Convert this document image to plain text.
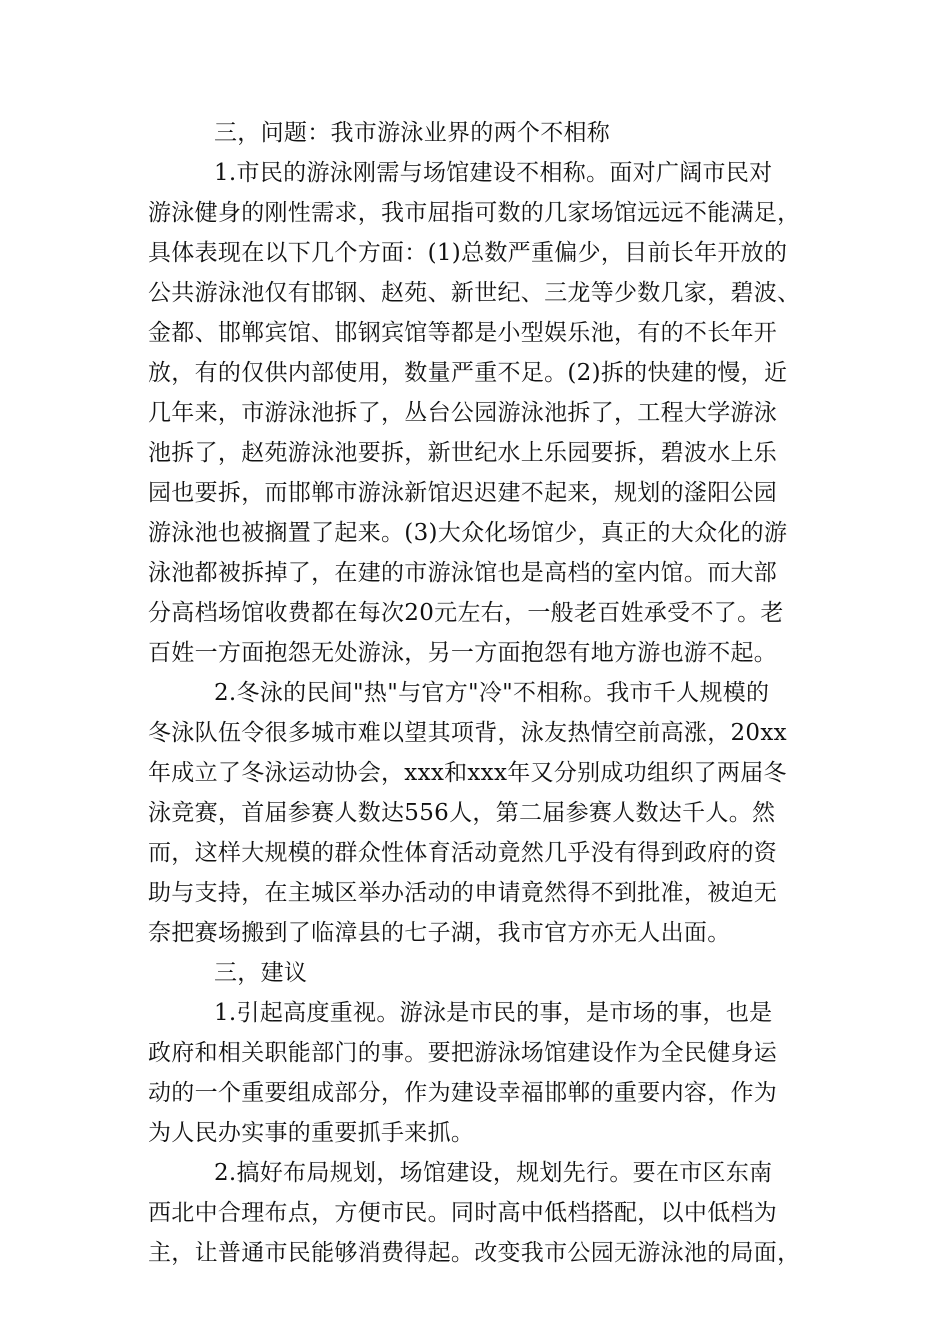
三，问题：我市游泳业界的两个不相称
1.市民的游泳刚需与场馆建设不相称。面对广阔市民对
游泳健身的刚性需求，我市屈指可数的几家场馆远远不能满足，
具体表现在以下几个方面：(1)总数严重偏少，目前长年开放的
公共游泳池仅有邯钢、赵苑、新世纪、三龙等少数几家，碧波、
金都、邯郸宾馆、邯钢宾馆等都是小型娱乐池，有的不长年开
放，有的仅供内部使用，数量严重不足。(2)拆的快建的慢，近
几年来，市游泳池拆了，丛台公园游泳池拆了，工程大学游泳
池拆了，赵苑游泳池要拆，新世纪水上乐园要拆，碧波水上乐
园也要拆，而邯郸市游泳新馆迟迟建不起来，规划的滏阳公园
游泳池也被搁置了起来。(3)大众化场馆少，真正的大众化的游
泳池都被拆掉了，在建的市游泳馆也是高档的室内馆。而大部
分高档场馆收费都在每次20元左右，一般老百姓承受不了。老
百姓一方面抱怨无处游泳，另一方面抱怨有地方游也游不起。
2.冬泳的民间"热"与官方"冷"不相称。我市千人规模的
冬泳队伍令很多城市难以望其项背，泳友热情空前高涨，20xx
年成立了冬泳运动协会，xxx和xxx年又分别成功组织了两届冬
泳竞赛，首届参赛人数达556人，第二届参赛人数达千人。然
而，这样大规模的群众性体育活动竟然几乎没有得到政府的资
助与支持，在主城区举办活动的申请竟然得不到批准，被迫无
奈把赛场搬到了临漳县的七子湖，我市官方亦无人出面。
三，建议
1.引起高度重视。游泳是市民的事，是市场的事，也是
政府和相关职能部门的事。要把游泳场馆建设作为全民健身运
动的一个重要组成部分，作为建设幸福邯郸的重要内容，作为
为人民办实事的重要抓手来抓。
2.搞好布局规划，场馆建设，规划先行。要在市区东南
西北中合理布点，方便市民。同时高中低档搭配，以中低档为
主，让普通市民能够消费得起。改变我市公园无游泳池的局面，
